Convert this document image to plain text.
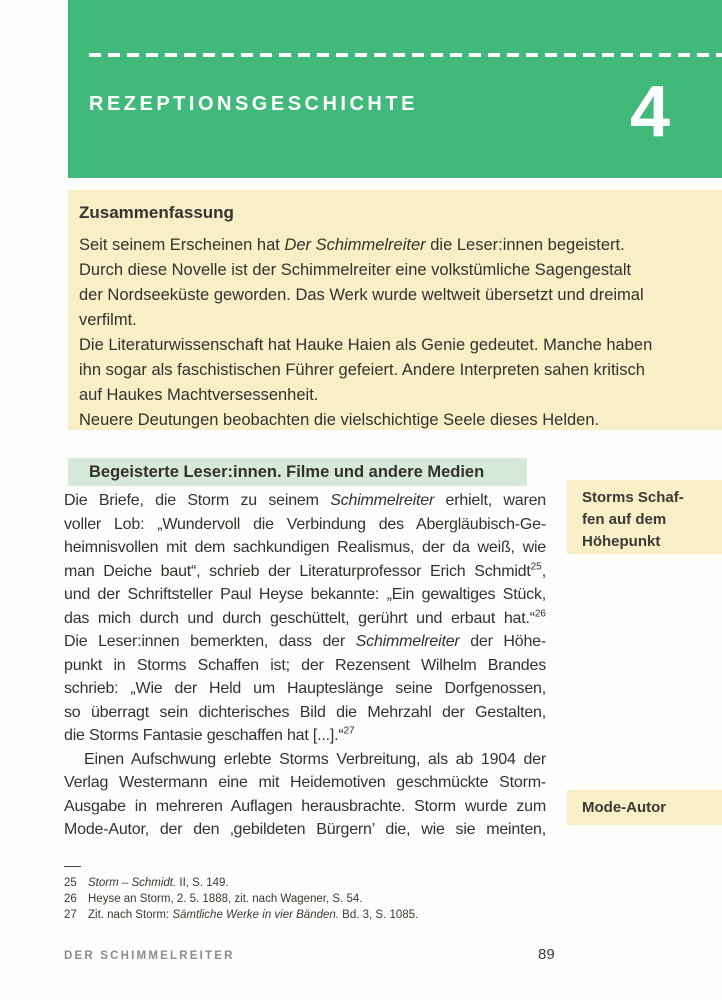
REZEPTIONSGESCHICHTE	4
Zusammenfassung
Seit seinem Erscheinen hat Der Schimmelreiter die Leser:innen begeistert.
Durch diese Novelle ist der Schimmelreiter eine volkstümliche Sagengestalt
der Nordseeküste geworden. Das Werk wurde weltweit übersetzt und dreimal
verfilmt.
Die Literaturwissenschaft hat Hauke Haien als Genie gedeutet. Manche haben
ihn sogar als faschistischen Führer gefeiert. Andere Interpreten sahen kritisch
auf Haukes Machtversessenheit.
Neuere Deutungen beobachten die vielschichtige Seele dieses Helden.
Begeisterte Leser:innen. Filme und andere Medien
Die Briefe, die Storm zu seinem Schimmelreiter erhielt, waren
voller Lob: „Wundervoll die Verbindung des Abergläubisch-Ge-
heimnisvollen mit dem sachkundigen Realismus, der da weiß, wie
man Deiche baut“, schrieb der Literaturprofessor Erich Schmidt$^{25}$,
und der Schriftsteller Paul Heyse bekannte: „Ein gewaltiges Stück,
das mich durch und durch geschüttelt, gerührt und erbaut hat.“$^{26}$
Die Leser:innen bemerkten, dass der Schimmelreiter der Höhe-
punkt in Storms Schaffen ist; der Rezensent Wilhelm Brandes
schrieb: „Wie der Held um Haupteslänge seine Dorfgenossen,
so überragt sein dichterisches Bild die Mehrzahl der Gestalten,
die Storms Fantasie geschaffen hat [...].“$^{27}$
Einen Aufschwung erlebte Storms Verbreitung, als ab 1904 der
Verlag Westermann eine mit Heidemotiven geschmückte Storm-
Ausgabe in mehreren Auflagen herausbrachte. Storm wurde zum
Mode-Autor, der den ‚gebildeten Bürgern’ die, wie sie meinten,
Storms Schaf-
fen auf dem
Höhepunkt
Mode-Autor
25 Storm – Schmidt. II, S. 149.
26 Heyse an Storm, 2. 5. 1888, zit. nach Wagener, S. 54.
27 Zit. nach Storm: Sämtliche Werke in vier Bänden. Bd. 3, S. 1085.
DER SCHIMMELREITER	89
